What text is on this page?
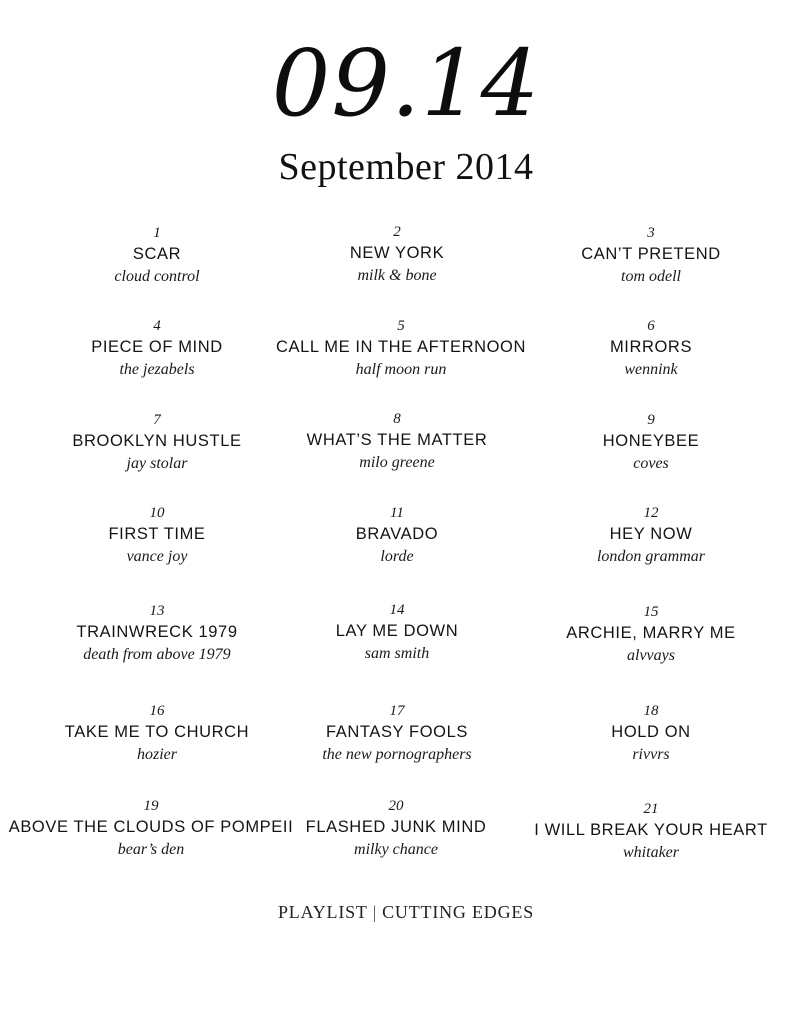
09.14
September 2014
1
SCAR
cloud control
2
NEW YORK
milk & bone
3
CAN’T PRETEND
tom odell
4
PIECE OF MIND
the jezabels
5
CALL ME IN THE AFTERNOON
half moon run
6
MIRRORS
wennink
7
BROOKLYN HUSTLE
jay stolar
8
WHAT’S THE MATTER
milo greene
9
HONEYBEE
coves
10
FIRST TIME
vance joy
11
BRAVADO
lorde
12
HEY NOW
london grammar
13
TRAINWRECK 1979
death from above 1979
14
LAY ME DOWN
sam smith
15
ARCHIE, MARRY ME
alvvays
16
TAKE ME TO CHURCH
hozier
17
FANTASY FOOLS
the new pornographers
18
HOLD ON
rivvrs
19
ABOVE THE CLOUDS OF POMPEII
bear’s den
20
FLASHED JUNK MIND
milky chance
21
I WILL BREAK YOUR HEART
whitaker
PLAYLIST | CUTTING EDGES
